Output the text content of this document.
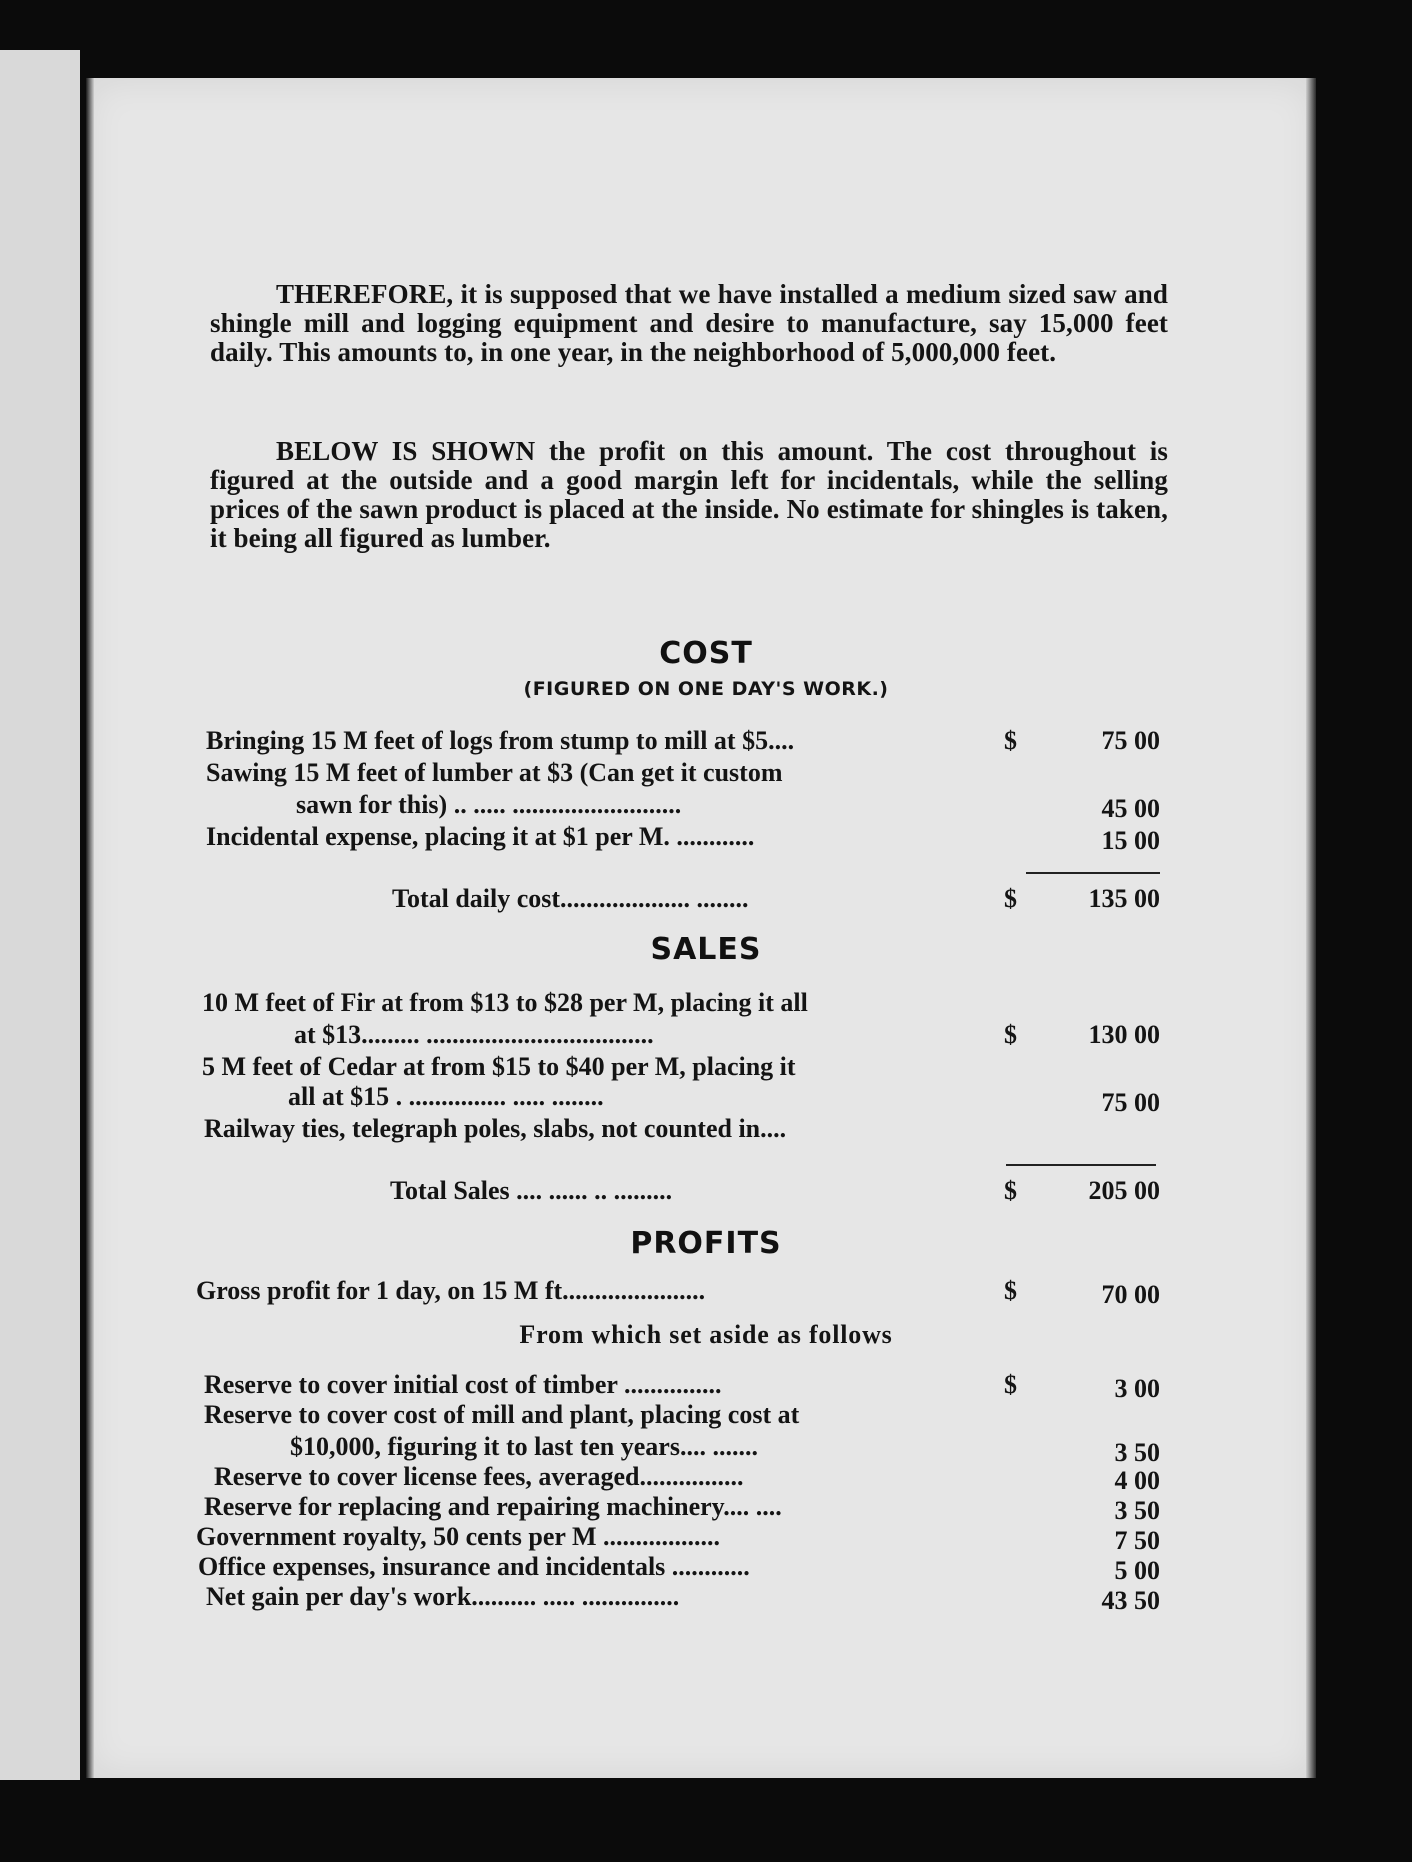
THEREFORE, it is supposed that we have installed a medium sized saw and shingle mill and logging equipment and desire to manufacture, say 15,000 feet daily. This amounts to, in one year, in the neighborhood of 5,000,000 feet.

BELOW IS SHOWN the profit on this amount. The cost throughout is figured at the outside and a good margin left for incidentals, while the selling prices of the sawn product is placed at the inside. No estimate for shingles is taken, it being all figured as lumber.

COST
(FIGURED ON ONE DAY'S WORK.)
Bringing 15 M feet of logs from stump to mill at $5....	$	75 00
Sawing 15 M feet of lumber at $3 (Can get it custom
sawn for this) .. ..... ..........................	45 00
Incidental expense, placing it at $1 per M. ............	15 00
Total daily cost.................... ........	$	135 00
SALES
10 M feet of Fir at from $13 to $28 per M, placing it all
at $13......... ...................................	$	130 00
5 M feet of Cedar at from $15 to $40 per M, placing it
all at $15 . ............... ..... ........	75 00
Railway ties, telegraph poles, slabs, not counted in....
Total Sales .... ...... .. .........	$	205 00
PROFITS
Gross profit for 1 day, on 15 M ft......................	$	70 00
From which set aside as follows
Reserve to cover initial cost of timber ...............	$	3 00
Reserve to cover cost of mill and plant, placing cost at
$10,000, figuring it to last ten years.... .......	3 50
Reserve to cover license fees, averaged................	4 00
Reserve for replacing and repairing machinery.... ....	3 50
Government royalty, 50 cents per M ..................	7 50
Office expenses, insurance and incidentals ............	5 00
Net gain per day's work.......... ..... ...............	43 50
